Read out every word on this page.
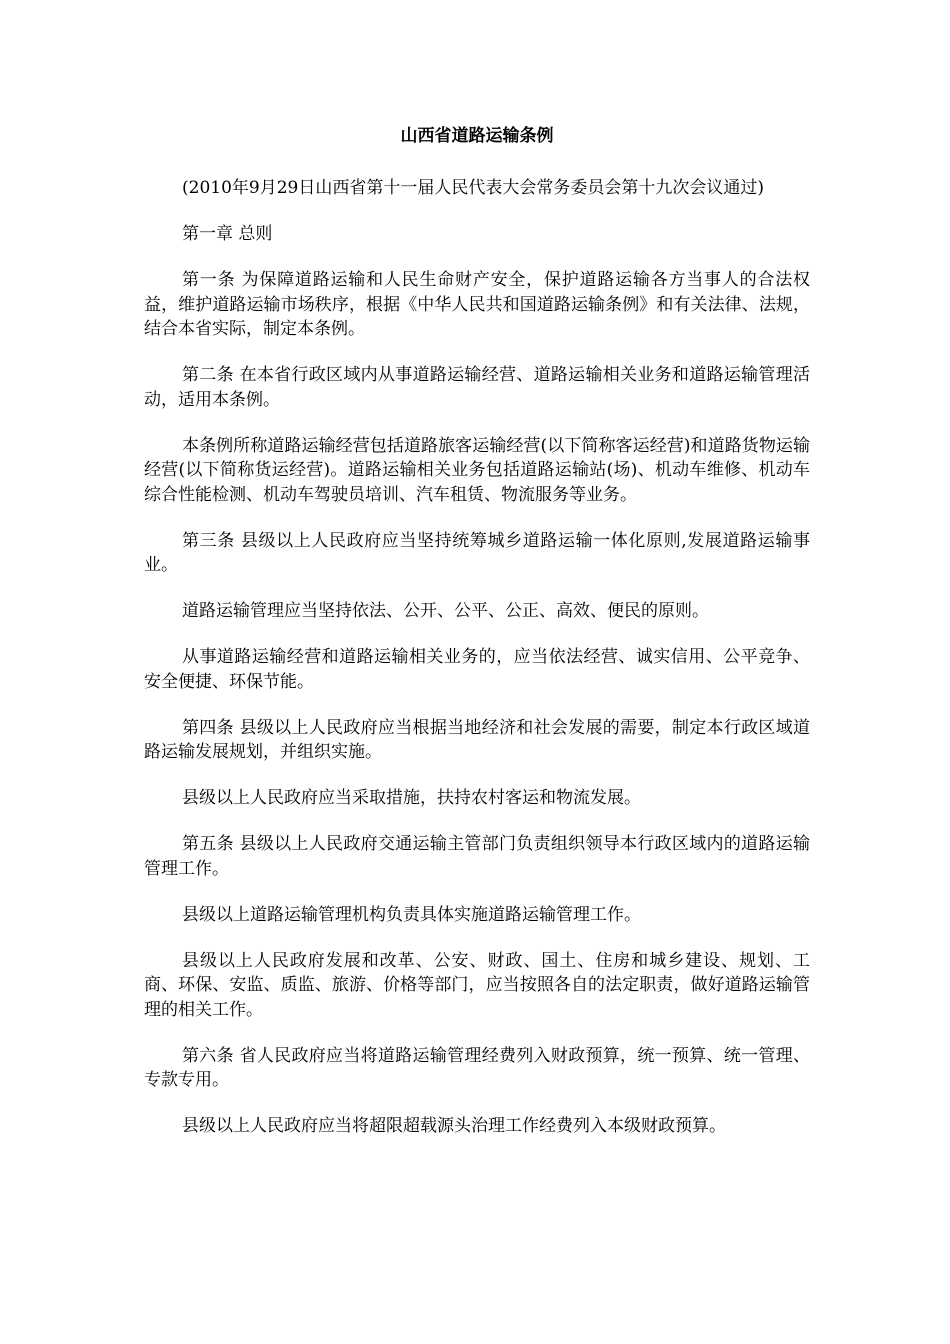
山西省道路运输条例

(2010年9月29日山西省第十一届人民代表大会常务委员会第十九次会议通过)

第一章 总则

第一条 为保障道路运输和人民生命财产安全，保护道路运输各方当事人的合法权益，维护道路运输市场秩序，根据《中华人民共和国道路运输条例》和有关法律、法规，结合本省实际，制定本条例。

第二条 在本省行政区域内从事道路运输经营、道路运输相关业务和道路运输管理活动，适用本条例。

本条例所称道路运输经营包括道路旅客运输经营(以下简称客运经营)和道路货物运输经营(以下简称货运经营)。道路运输相关业务包括道路运输站(场)、机动车维修、机动车综合性能检测、机动车驾驶员培训、汽车租赁、物流服务等业务。

第三条 县级以上人民政府应当坚持统筹城乡道路运输一体化原则,发展道路运输事业。

道路运输管理应当坚持依法、公开、公平、公正、高效、便民的原则。

从事道路运输经营和道路运输相关业务的，应当依法经营、诚实信用、公平竞争、安全便捷、环保节能。

第四条 县级以上人民政府应当根据当地经济和社会发展的需要，制定本行政区域道路运输发展规划，并组织实施。

县级以上人民政府应当采取措施，扶持农村客运和物流发展。

第五条 县级以上人民政府交通运输主管部门负责组织领导本行政区域内的道路运输管理工作。

县级以上道路运输管理机构负责具体实施道路运输管理工作。

县级以上人民政府发展和改革、公安、财政、国土、住房和城乡建设、规划、工商、环保、安监、质监、旅游、价格等部门，应当按照各自的法定职责，做好道路运输管理的相关工作。

第六条 省人民政府应当将道路运输管理经费列入财政预算，统一预算、统一管理、专款专用。

县级以上人民政府应当将超限超载源头治理工作经费列入本级财政预算。
